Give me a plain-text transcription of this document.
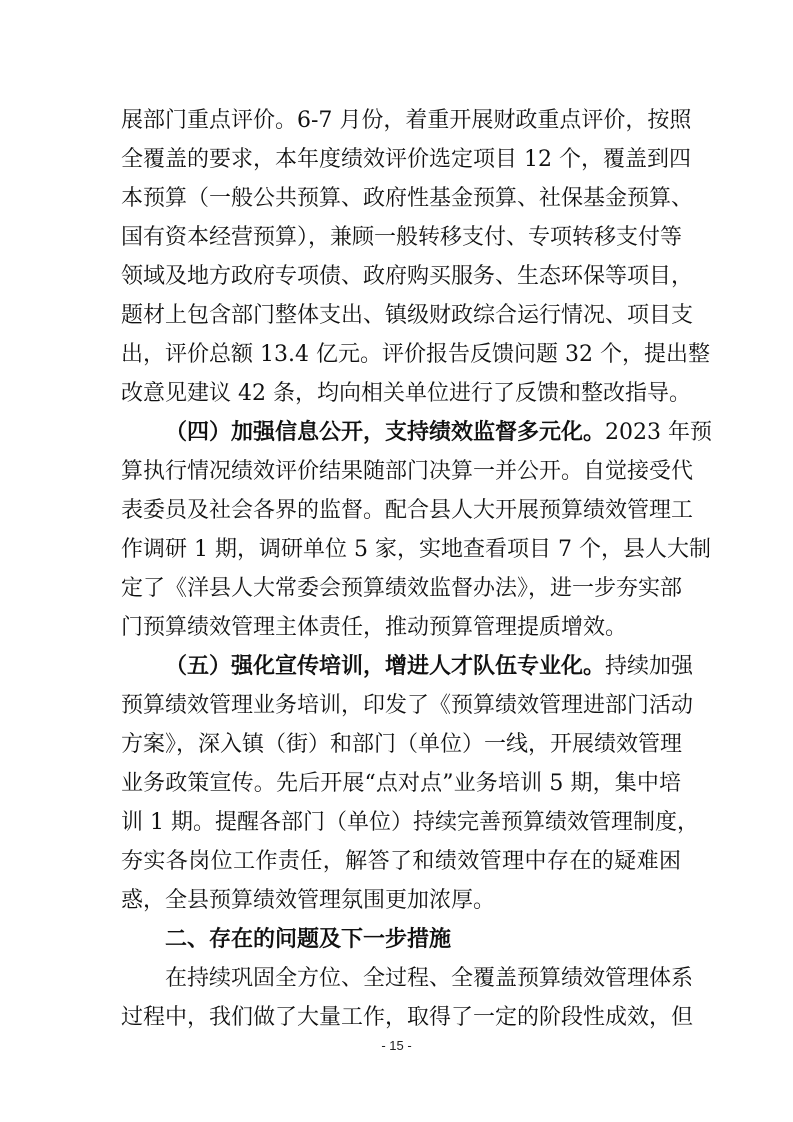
展部门重点评价。6-7 月份，着重开展财政重点评价，按照
全覆盖的要求，本年度绩效评价选定项目 12 个，覆盖到四
本预算（一般公共预算、政府性基金预算、社保基金预算、
国有资本经营预算），兼顾一般转移支付、专项转移支付等
领域及地方政府专项债、政府购买服务、生态环保等项目，
题材上包含部门整体支出、镇级财政综合运行情况、项目支
出，评价总额 13.4 亿元。评价报告反馈问题 32 个，提出整
改意见建议 42 条，均向相关单位进行了反馈和整改指导。
（四）加强信息公开，支持绩效监督多元化。2023 年预
算执行情况绩效评价结果随部门决算一并公开。自觉接受代
表委员及社会各界的监督。配合县人大开展预算绩效管理工
作调研 1 期，调研单位 5 家，实地查看项目 7 个，县人大制
定了《洋县人大常委会预算绩效监督办法》，进一步夯实部
门预算绩效管理主体责任，推动预算管理提质增效。
（五）强化宣传培训，增进人才队伍专业化。持续加强
预算绩效管理业务培训，印发了《预算绩效管理进部门活动
方案》，深入镇（街）和部门（单位）一线，开展绩效管理
业务政策宣传。先后开展“点对点”业务培训 5 期，集中培
训 1 期。提醒各部门（单位）持续完善预算绩效管理制度，
夯实各岗位工作责任，解答了和绩效管理中存在的疑难困
惑，全县预算绩效管理氛围更加浓厚。
二、存在的问题及下一步措施
在持续巩固全方位、全过程、全覆盖预算绩效管理体系
过程中，我们做了大量工作，取得了一定的阶段性成效，但
- 15 -
